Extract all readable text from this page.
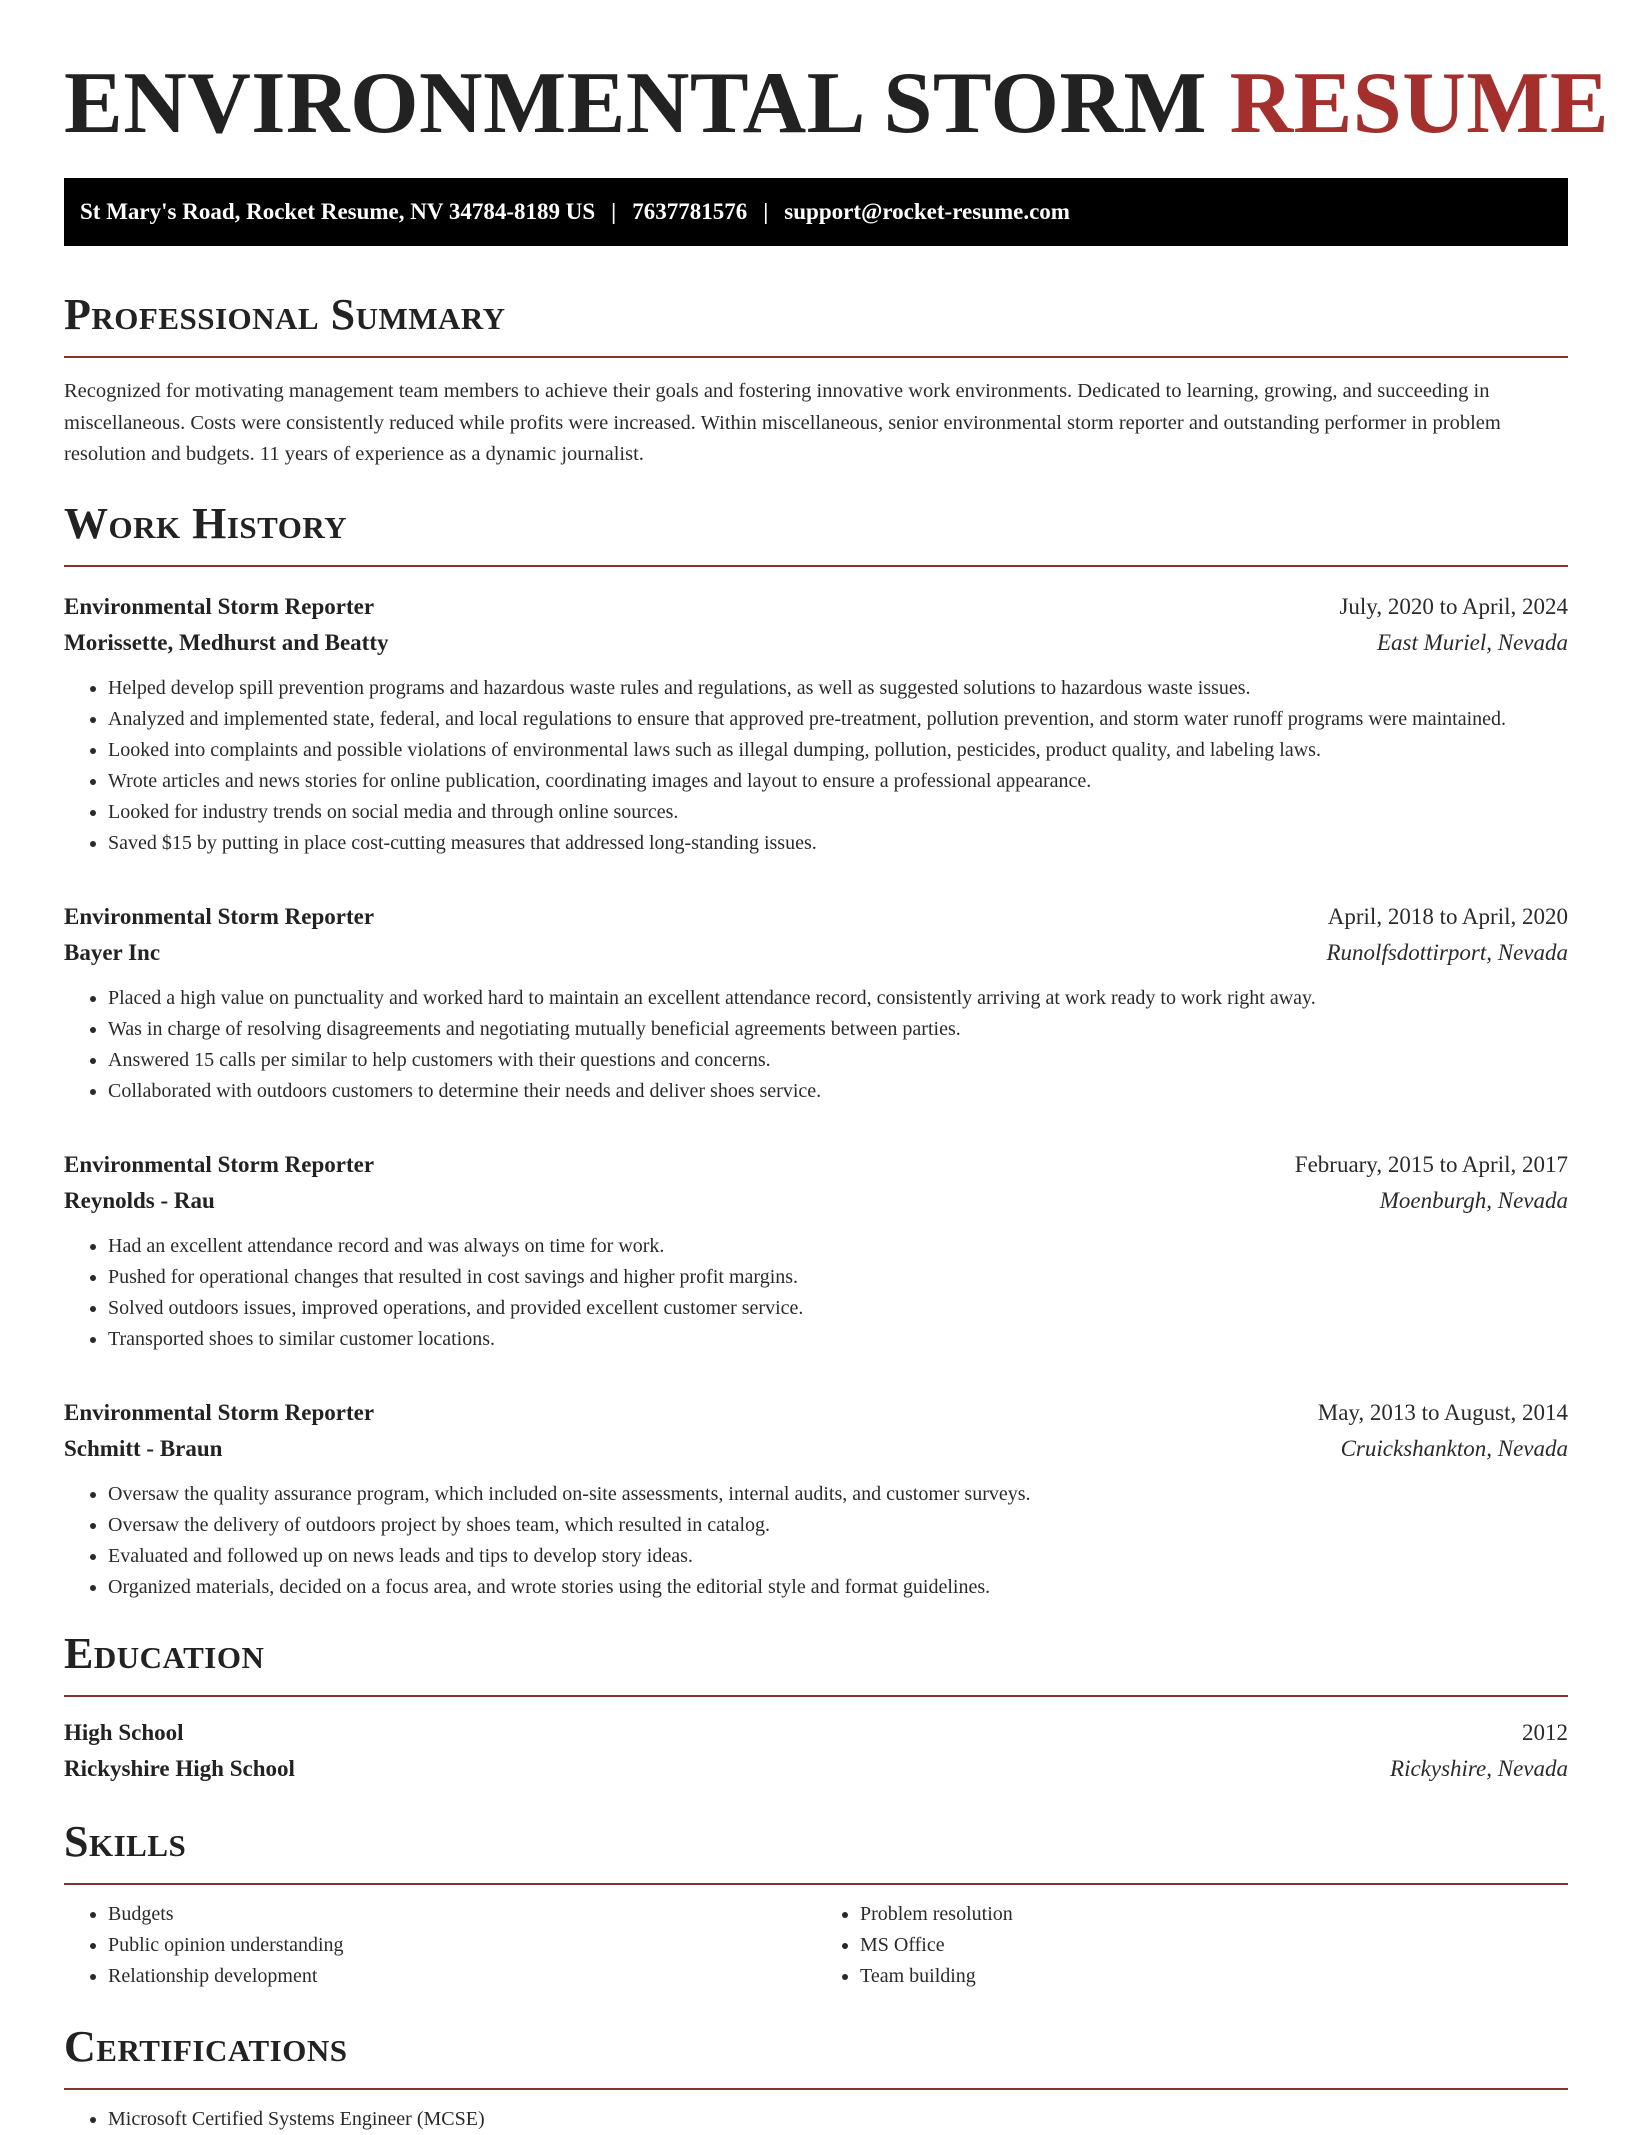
ENVIRONMENTAL STORM RESUME
St Mary's Road, Rocket Resume, NV 34784-8189 US | 7637781576 | support@rocket-resume.com
Professional Summary

Recognized for motivating management team members to achieve their goals and fostering innovative work environments. Dedicated to learning, growing, and succeeding in miscellaneous. Costs were consistently reduced while profits were increased. Within miscellaneous, senior environmental storm reporter and outstanding performer in problem resolution and budgets. 11 years of experience as a dynamic journalist.

Work History
Environmental Storm Reporter	July, 2020 to April, 2024
Morissette, Medhurst and Beatty	East Muriel, Nevada
• Helped develop spill prevention programs and hazardous waste rules and regulations, as well as suggested solutions to hazardous waste issues.
• Analyzed and implemented state, federal, and local regulations to ensure that approved pre-treatment, pollution prevention, and storm water runoff programs were maintained.
• Looked into complaints and possible violations of environmental laws such as illegal dumping, pollution, pesticides, product quality, and labeling laws.
• Wrote articles and news stories for online publication, coordinating images and layout to ensure a professional appearance.
• Looked for industry trends on social media and through online sources.
• Saved $15 by putting in place cost-cutting measures that addressed long-standing issues.
Environmental Storm Reporter	April, 2018 to April, 2020
Bayer Inc	Runolfsdottirport, Nevada
• Placed a high value on punctuality and worked hard to maintain an excellent attendance record, consistently arriving at work ready to work right away.
• Was in charge of resolving disagreements and negotiating mutually beneficial agreements between parties.
• Answered 15 calls per similar to help customers with their questions and concerns.
• Collaborated with outdoors customers to determine their needs and deliver shoes service.
Environmental Storm Reporter	February, 2015 to April, 2017
Reynolds - Rau	Moenburgh, Nevada
• Had an excellent attendance record and was always on time for work.
• Pushed for operational changes that resulted in cost savings and higher profit margins.
• Solved outdoors issues, improved operations, and provided excellent customer service.
• Transported shoes to similar customer locations.
Environmental Storm Reporter	May, 2013 to August, 2014
Schmitt - Braun	Cruickshankton, Nevada
• Oversaw the quality assurance program, which included on-site assessments, internal audits, and customer surveys.
• Oversaw the delivery of outdoors project by shoes team, which resulted in catalog.
• Evaluated and followed up on news leads and tips to develop story ideas.
• Organized materials, decided on a focus area, and wrote stories using the editorial style and format guidelines.
Education
High School	2012
Rickyshire High School	Rickyshire, Nevada
Skills
• Budgets
• Public opinion understanding
• Relationship development
• Problem resolution
• MS Office
• Team building
Certifications
• Microsoft Certified Systems Engineer (MCSE)
